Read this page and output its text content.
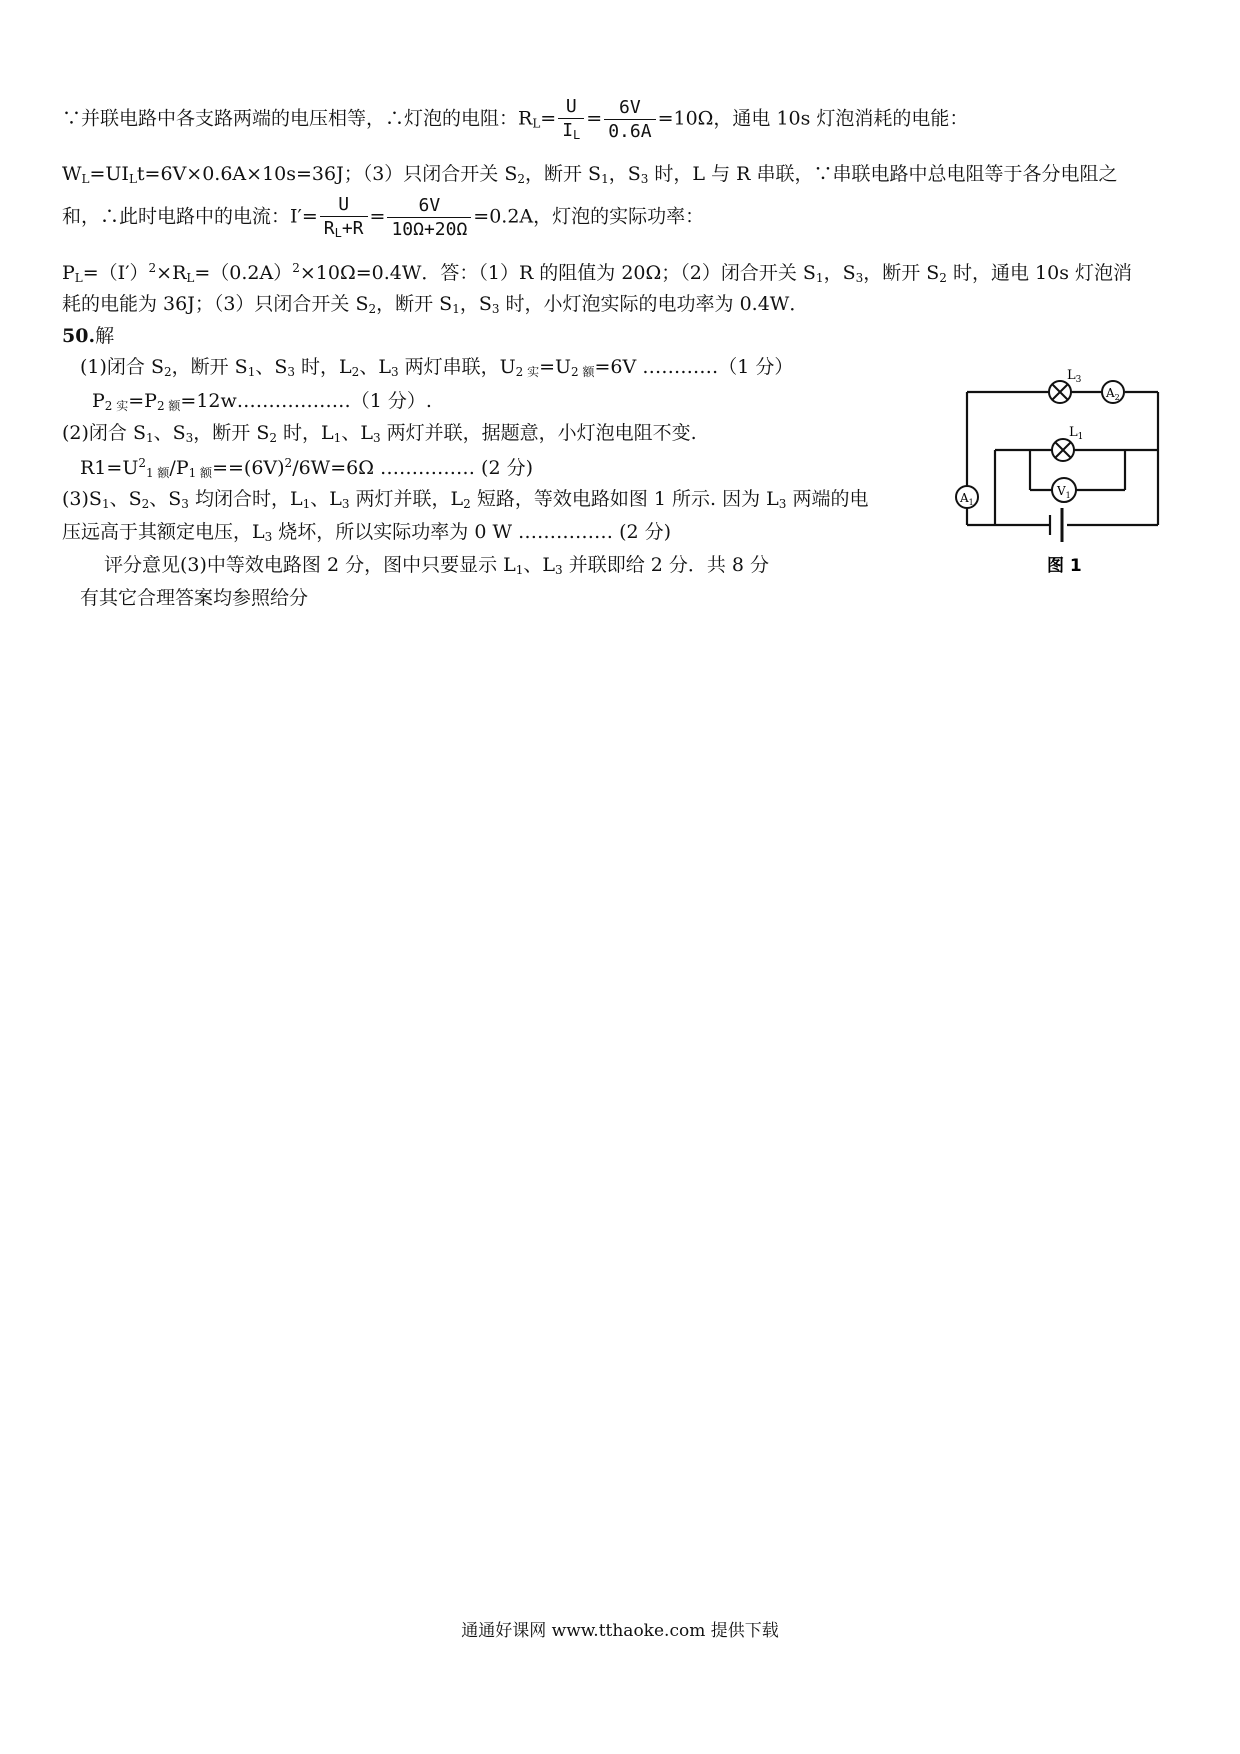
∵并联电路中各支路两端的电压相等，∴灯泡的电阻：$R_L= \frac{U}{I_L} = \frac{6V}{0.6A} =10\Omega$，通电 10s 灯泡消耗的电能：
$W_L=UI_Lt=6V\times 0.6A\times 10s=36J$；（3）只闭合开关 $S_2$，断开 $S_1$，$S_3$ 时，L 与 R 串联，∵串联电路中总电阻等于各分电阻之
和，∴此时电路中的电流：$I'= \frac{U}{R_L+R} = \frac{6V}{10\Omega+20\Omega} =0.2A$，灯泡的实际功率：
$P_L=(I')^2\times R_L=(0.2A)^2\times 10\Omega=0.4W$．答：（1）R 的阻值为 20Ω；（2）闭合开关 $S_1$，$S_3$，断开 $S_2$ 时，通电 10s 灯泡消
耗的电能为 36J；（3）只闭合开关 $S_2$，断开 $S_1$，$S_3$ 时，小灯泡实际的电功率为 0.4W．
50.解
(1)闭合 $S_2$，断开 $S_1$、$S_3$ 时，$L_2$、$L_3$ 两灯串联，$U_{2 实}=U_{2 额}=6V$ …………（1 分）
$P_{2 实}=P_{2 额}=12w\dots\dots\dots\dots\dots\dots(1$ 分）.
(2)闭合 $S_1$、$S_3$，断开 $S_2$ 时，$L_1$、$L_3$ 两灯并联，据题意，小灯泡电阻不变.
$R1=U^2_{1 额}/P_{1 额}==(6V)^2/6W=6\Omega$ …………… (2 分)
$(3)S_1$、$S_2$、$S_3$ 均闭合时，$L_1$、$L_3$ 两灯并联，$L_2$ 短路，等效电路如图 1 所示. 因为 $L_3$ 两端的电
压远高于其额定电压，$L_3$ 烧坏，所以实际功率为 0 W …………… (2 分)
评分意见(3)中等效电路图 2 分，图中只要显示 $L_1$、$L_3$ 并联即给 2 分．共 8 分
有其它合理答案均参照给分
$L_3$
$A_2$
$L_1$
$V_1$
$A_1$
图 1
通通好课网 www.tthaoke.com 提供下载
